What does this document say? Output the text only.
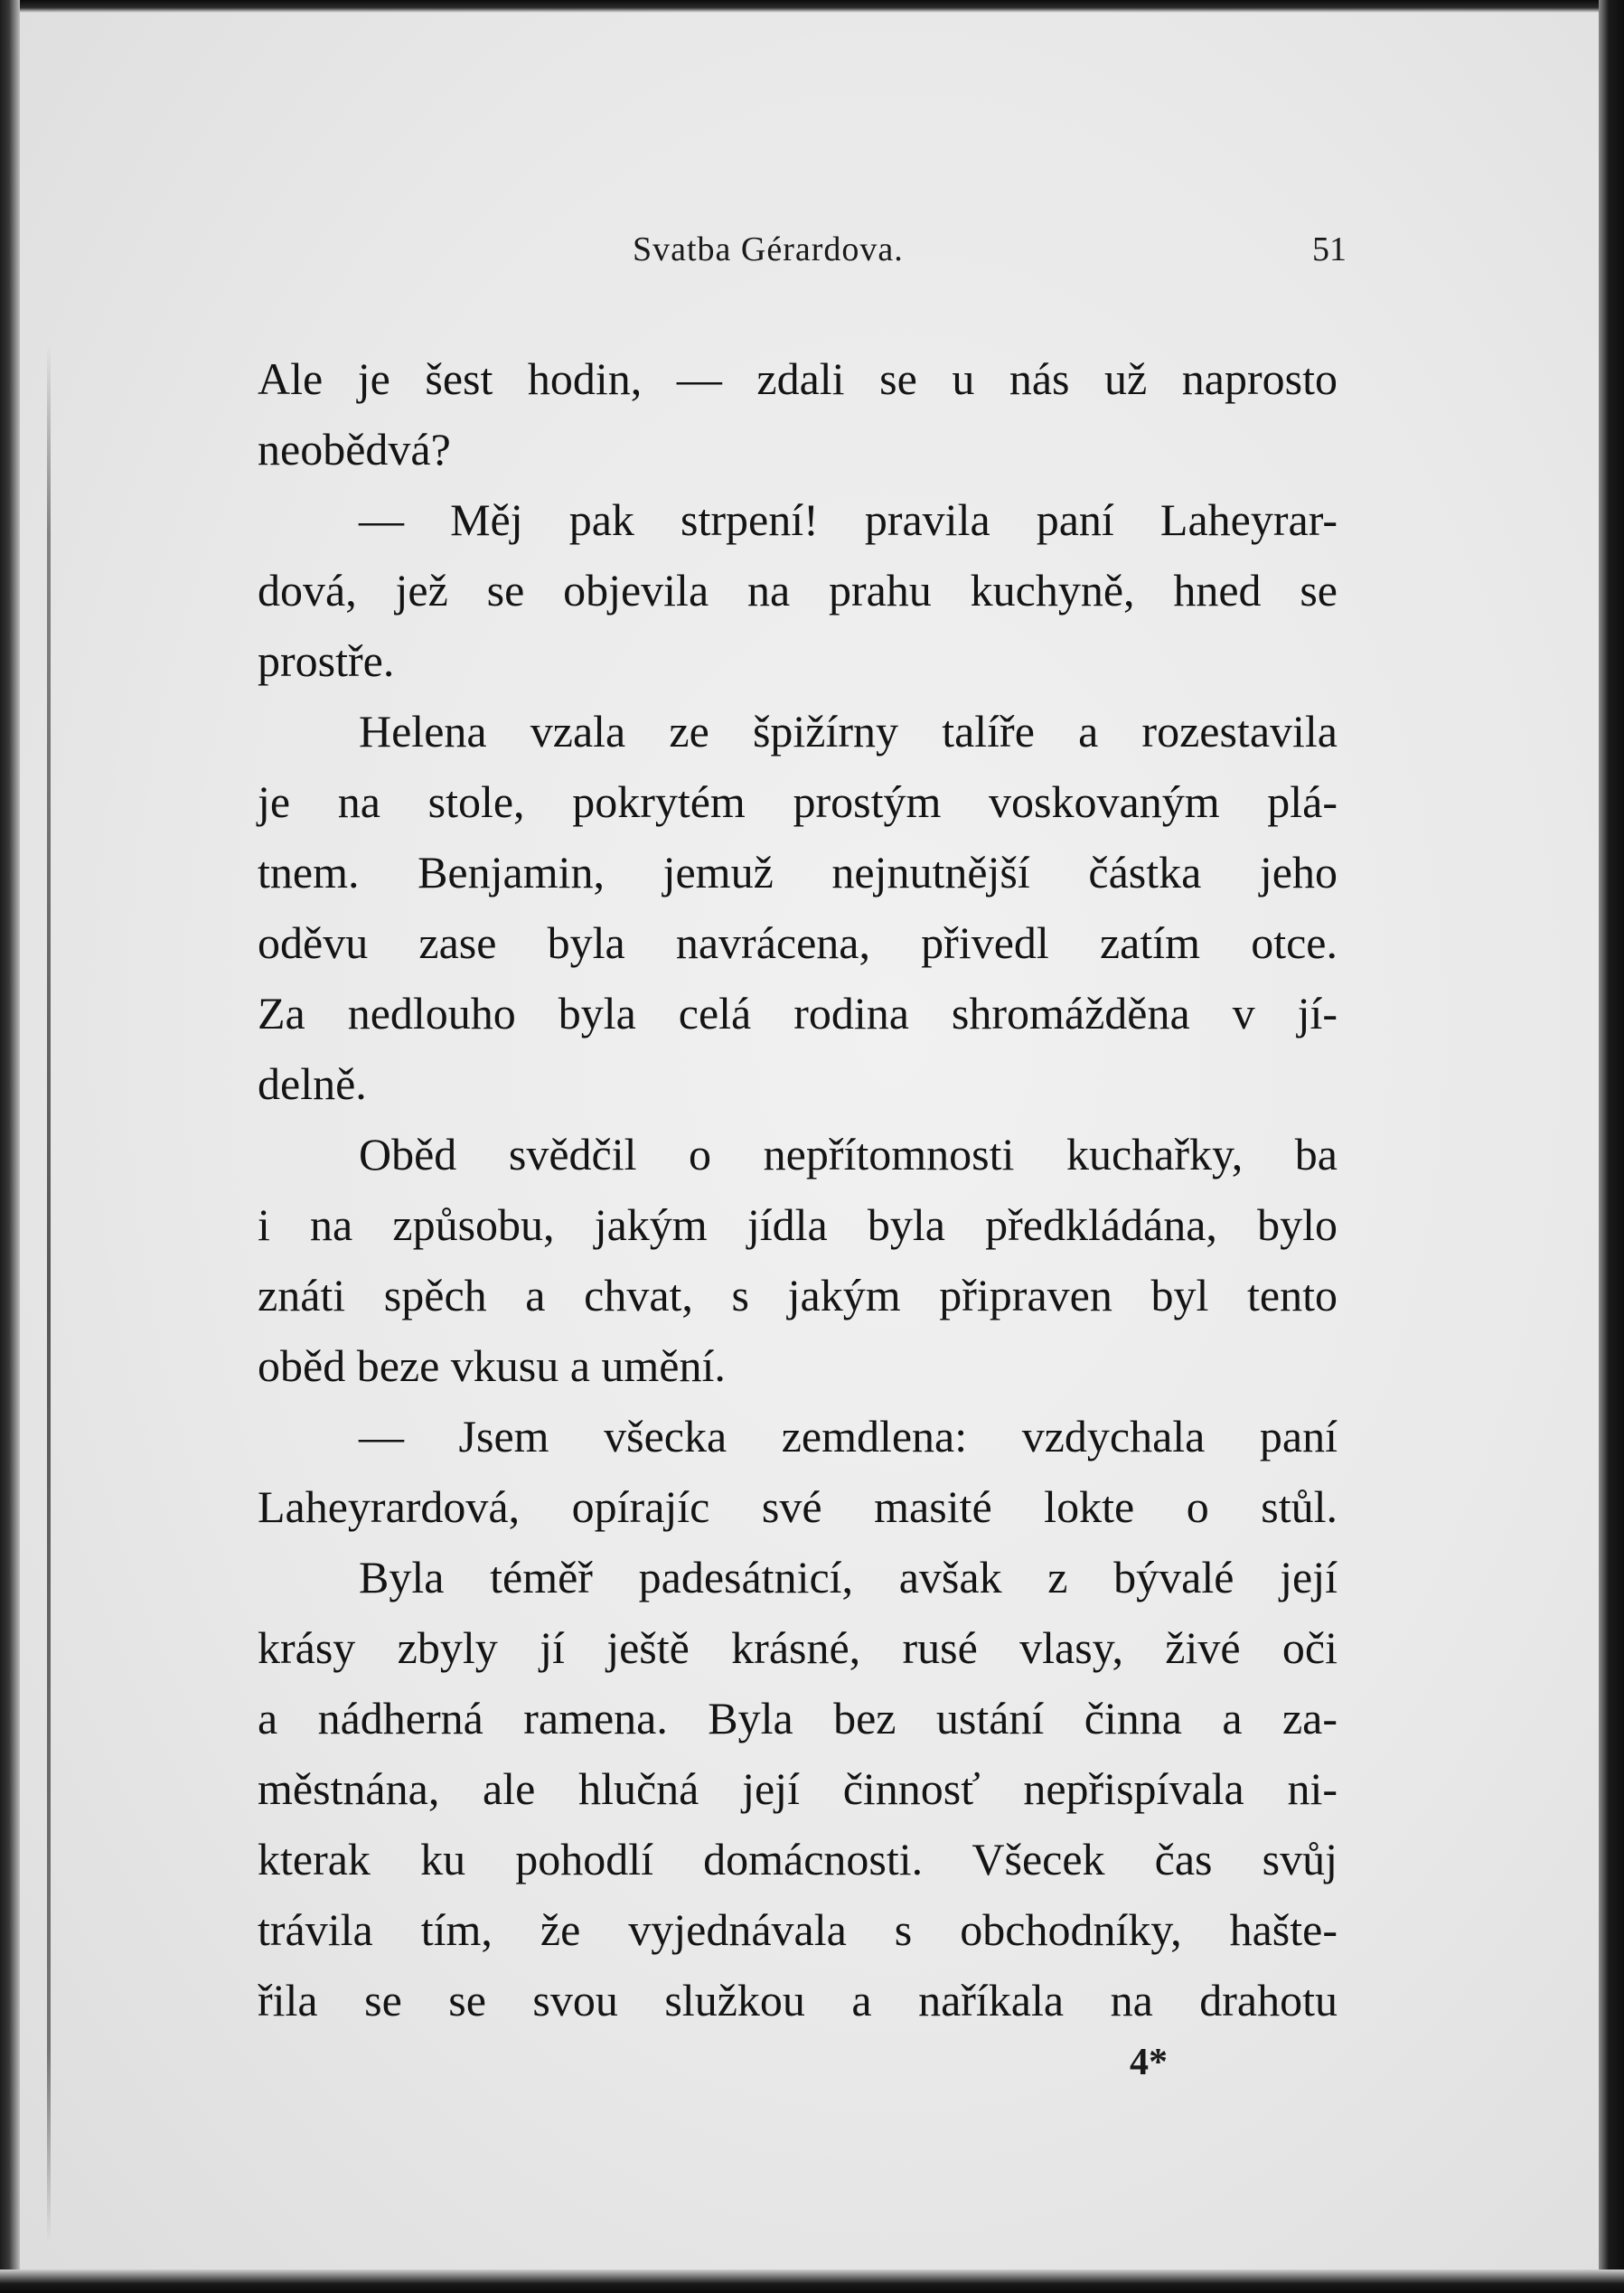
Svatba Gérardova.	51
Ale je šest hodin, — zdali se u nás už naprosto
neobědvá?
— Měj pak strpení! pravila paní Laheyrar-
dová, jež se objevila na prahu kuchyně, hned se
prostře.
Helena vzala ze špižírny talíře a rozestavila
je na stole, pokrytém prostým voskovaným plá-
tnem. Benjamin, jemuž nejnutnější částka jeho
oděvu zase byla navrácena, přivedl zatím otce.
Za nedlouho byla celá rodina shromážděna v jí-
delně.
Oběd svědčil o nepřítomnosti kuchařky, ba
i na způsobu, jakým jídla byla předkládána, bylo
znáti spěch a chvat, s jakým připraven byl tento
oběd beze vkusu a umění.
— Jsem všecka zemdlena: vzdychala paní
Laheyrardová, opírajíc své masité lokte o stůl.
Byla téměř padesátnicí, avšak z bývalé její
krásy zbyly jí ještě krásné, rusé vlasy, živé oči
a nádherná ramena. Byla bez ustání činna a za-
městnána, ale hlučná její činnosť nepřispívala ni-
kterak ku pohodlí domácnosti. Všecek čas svůj
trávila tím, že vyjednávala s obchodníky, hašte-
řila se se svou služkou a naříkala na drahotu
4*
